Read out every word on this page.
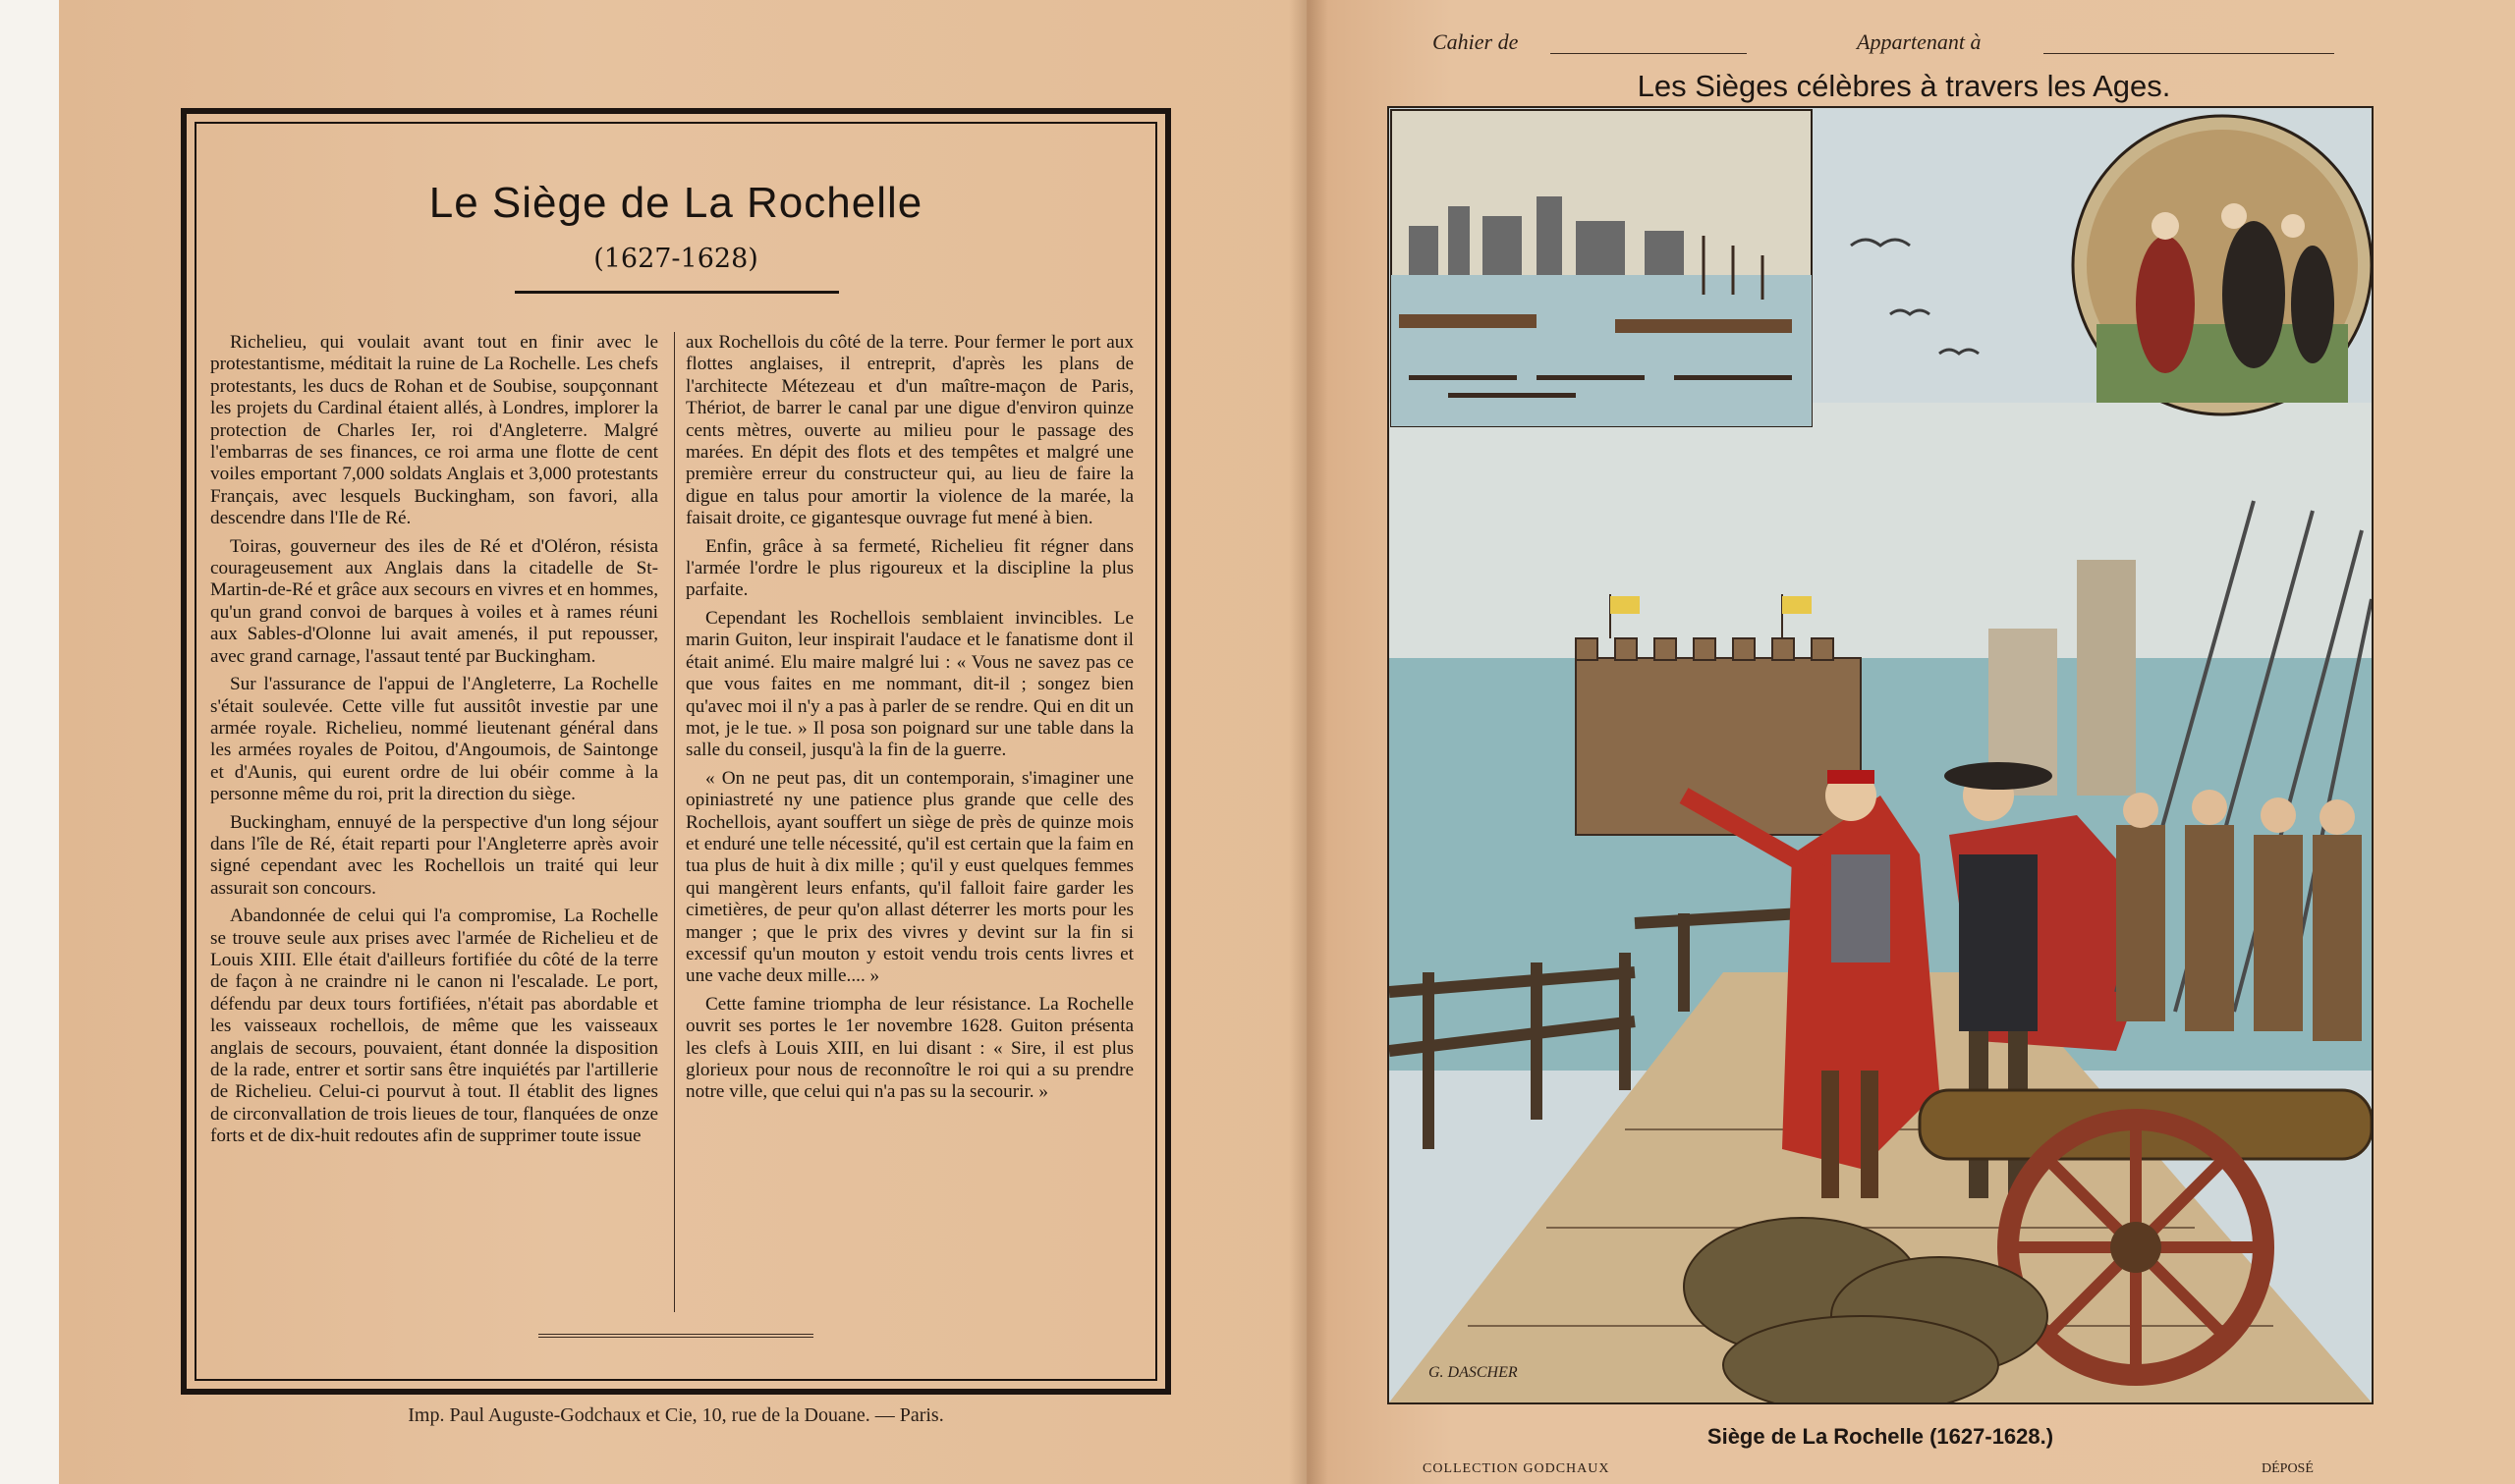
Le Siège de La Rochelle
(1627-1628)

Richelieu, qui voulait avant tout en finir avec le protestantisme, méditait la ruine de La Rochelle. Les chefs protestants, les ducs de Rohan et de Soubise, soupçonnant les projets du Cardinal étaient allés, à Londres, implorer la protection de Charles Ier, roi d'Angleterre. Malgré l'embarras de ses finances, ce roi arma une flotte de cent voiles emportant 7,000 soldats Anglais et 3,000 protestants Français, avec lesquels Buckingham, son favori, alla descendre dans l'Ile de Ré.

Toiras, gouverneur des iles de Ré et d'Oléron, résista courageusement aux Anglais dans la citadelle de St-Martin-de-Ré et grâce aux secours en vivres et en hommes, qu'un grand convoi de barques à voiles et à rames réuni aux Sables-d'Olonne lui avait amenés, il put repousser, avec grand carnage, l'assaut tenté par Buckingham.

Sur l'assurance de l'appui de l'Angleterre, La Rochelle s'était soulevée. Cette ville fut aussitôt investie par une armée royale. Richelieu, nommé lieutenant général dans les armées royales de Poitou, d'Angoumois, de Saintonge et d'Aunis, qui eurent ordre de lui obéir comme à la personne même du roi, prit la direction du siège.

Buckingham, ennuyé de la perspective d'un long séjour dans l'île de Ré, était reparti pour l'Angleterre après avoir signé cependant avec les Rochellois un traité qui leur assurait son concours.

Abandonnée de celui qui l'a compromise, La Rochelle se trouve seule aux prises avec l'armée de Richelieu et de Louis XIII. Elle était d'ailleurs fortifiée du côté de la terre de façon à ne craindre ni le canon ni l'escalade. Le port, défendu par deux tours fortifiées, n'était pas abordable et les vaisseaux rochellois, de même que les vaisseaux anglais de secours, pouvaient, étant donnée la disposition de la rade, entrer et sortir sans être inquiétés par l'artillerie de Richelieu. Celui-ci pourvut à tout. Il établit des lignes de circonvallation de trois lieues de tour, flanquées de onze forts et de dix-huit redoutes afin de supprimer toute issue

aux Rochellois du côté de la terre. Pour fermer le port aux flottes anglaises, il entreprit, d'après les plans de l'architecte Métezeau et d'un maître-maçon de Paris, Thériot, de barrer le canal par une digue d'environ quinze cents mètres, ouverte au milieu pour le passage des marées. En dépit des flots et des tempêtes et malgré une première erreur du constructeur qui, au lieu de faire la digue en talus pour amortir la violence de la marée, la faisait droite, ce gigantesque ouvrage fut mené à bien.

Enfin, grâce à sa fermeté, Richelieu fit régner dans l'armée l'ordre le plus rigoureux et la discipline la plus parfaite.

Cependant les Rochellois semblaient invincibles. Le marin Guiton, leur inspirait l'audace et le fanatisme dont il était animé. Elu maire malgré lui : « Vous ne savez pas ce que vous faites en me nommant, dit-il ; songez bien qu'avec moi il n'y a pas à parler de se rendre. Qui en dit un mot, je le tue. » Il posa son poignard sur une table dans la salle du conseil, jusqu'à la fin de la guerre.

« On ne peut pas, dit un contemporain, s'imaginer une opiniastreté ny une patience plus grande que celle des Rochellois, ayant souffert un siège de près de quinze mois et enduré une telle nécessité, qu'il est certain que la faim en tua plus de huit à dix mille ; qu'il y eust quelques femmes qui mangèrent leurs enfants, qu'il falloit faire garder les cimetières, de peur qu'on allast déterrer les morts pour les manger ; que le prix des vivres y devint sur la fin si excessif qu'un mouton y estoit vendu trois cents livres et une vache deux mille.... »

Cette famine triompha de leur résistance. La Rochelle ouvrit ses portes le 1er novembre 1628. Guiton présenta les clefs à Louis XIII, en lui disant : « Sire, il est plus glorieux pour nous de reconnoître le roi qui a su prendre notre ville, que celui qui n'a pas su la secourir. »

Imp. Paul Auguste-Godchaux et Cie, 10, rue de la Douane. — Paris.
Cahier de	Appartenant à
Les Sièges célèbres à travers les Ages.
G. DASCHER
Siège de La Rochelle (1627-1628.)
COLLECTION GODCHAUX	DÉPOSÉ
